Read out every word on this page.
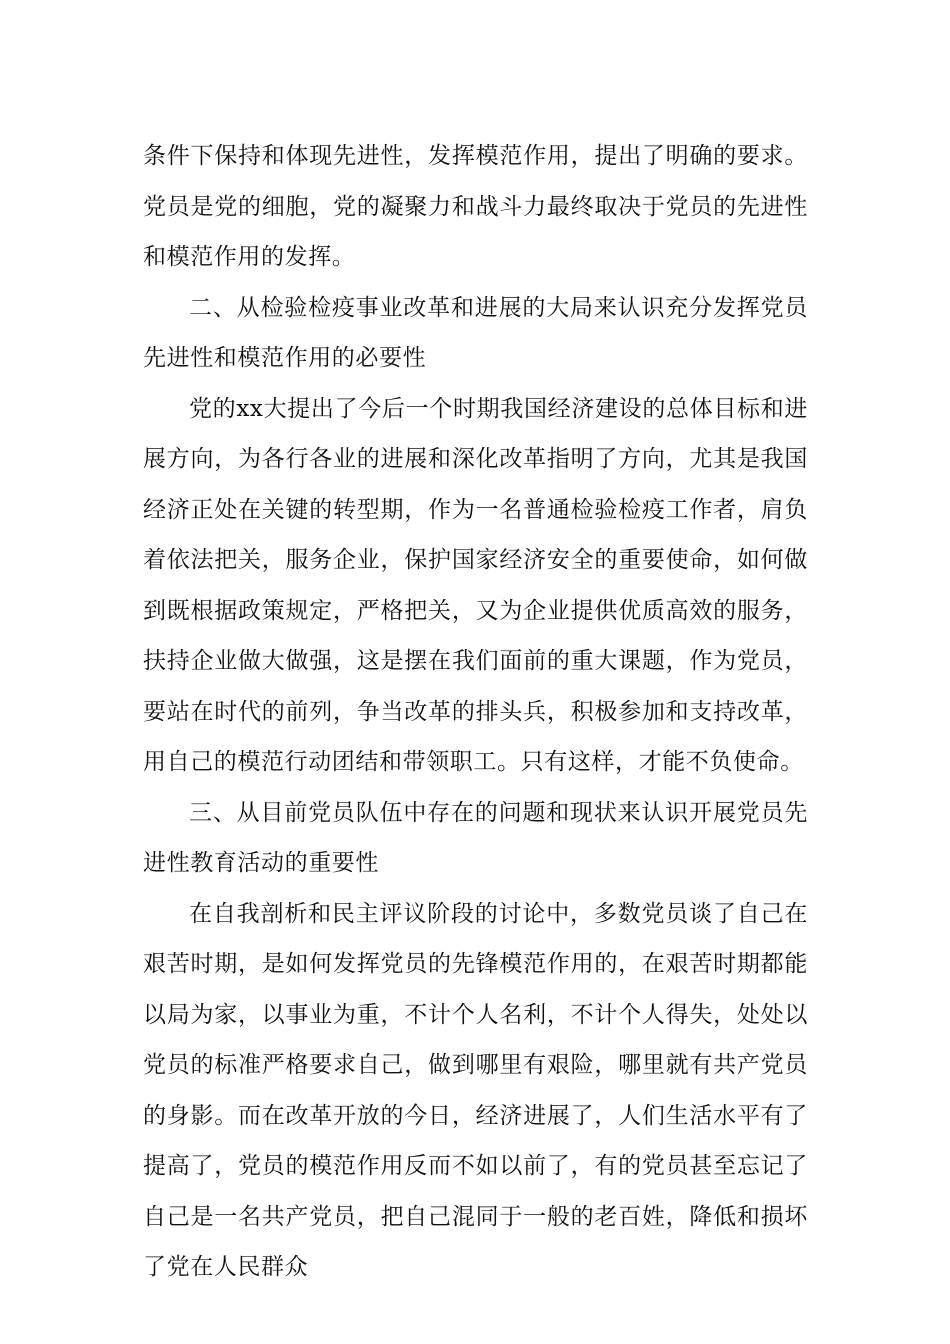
条件下保持和体现先进性，发挥模范作用，提出了明确的要求。党员是党的细胞，党的凝聚力和战斗力最终取决于党员的先进性和模范作用的发挥。

二、从检验检疫事业改革和进展的大局来认识充分发挥党员先进性和模范作用的必要性

党的xx大提出了今后一个时期我国经济建设的总体目标和进展方向，为各行各业的进展和深化改革指明了方向，尤其是我国经济正处在关键的转型期，作为一名普通检验检疫工作者，肩负着依法把关，服务企业，保护国家经济安全的重要使命，如何做到既根据政策规定，严格把关，又为企业提供优质高效的服务，扶持企业做大做强，这是摆在我们面前的重大课题，作为党员，要站在时代的前列，争当改革的排头兵，积极参加和支持改革，用自己的模范行动团结和带领职工。只有这样，才能不负使命。

三、从目前党员队伍中存在的问题和现状来认识开展党员先进性教育活动的重要性

在自我剖析和民主评议阶段的讨论中，多数党员谈了自己在艰苦时期，是如何发挥党员的先锋模范作用的，在艰苦时期都能以局为家，以事业为重，不计个人名利，不计个人得失，处处以党员的标准严格要求自己，做到哪里有艰险，哪里就有共产党员的身影。而在改革开放的今日，经济进展了，人们生活水平有了提高了，党员的模范作用反而不如以前了，有的党员甚至忘记了自己是一名共产党员，把自己混同于一般的老百姓，降低和损坏了党在人民群众
